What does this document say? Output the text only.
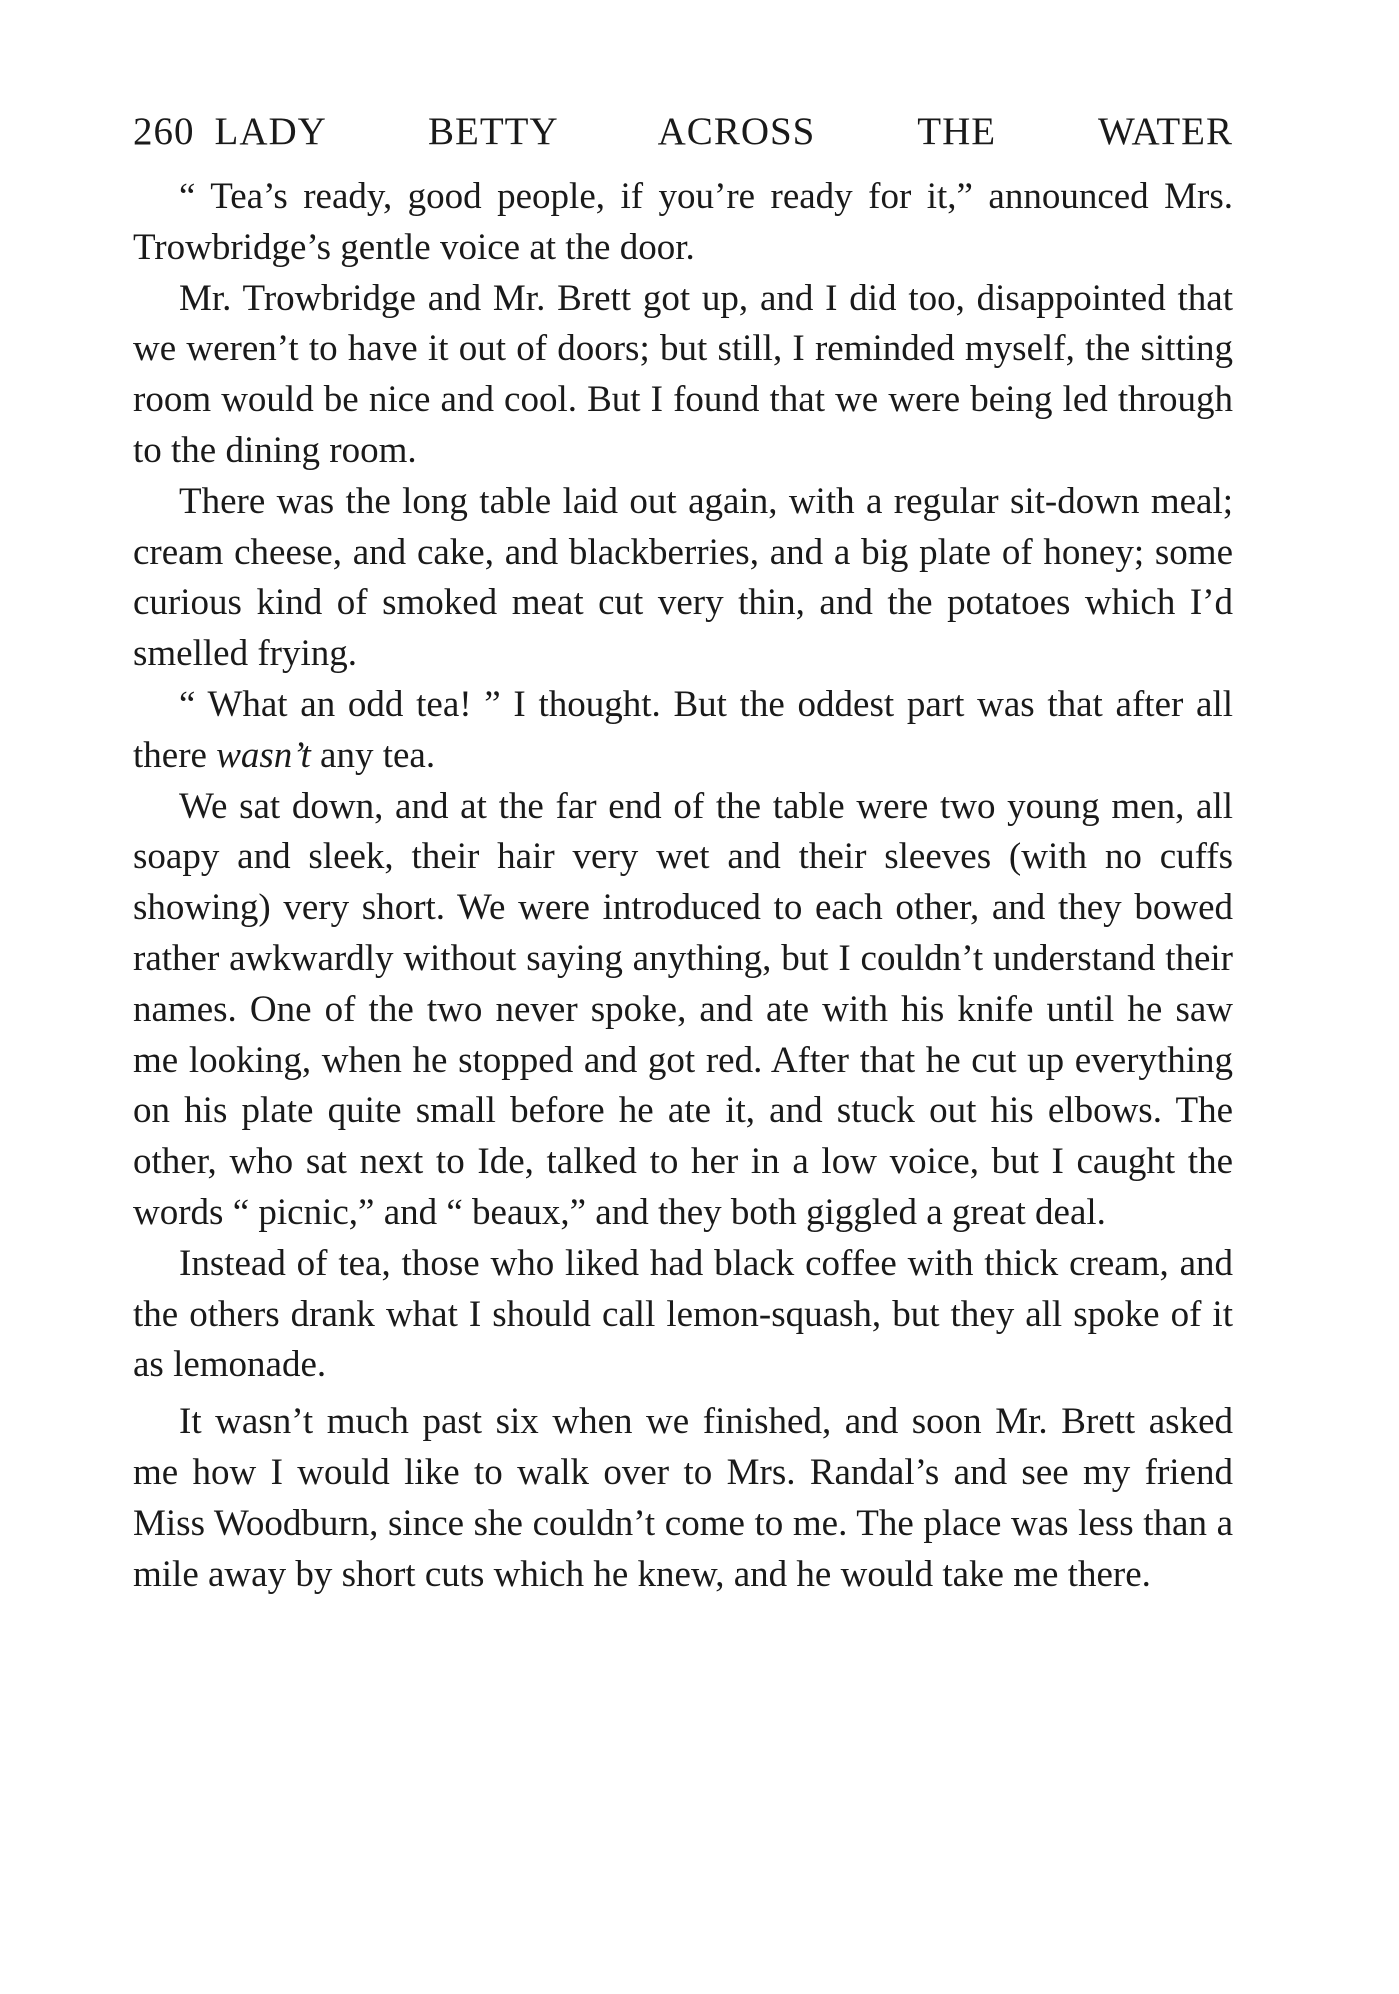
260 LADY BETTY ACROSS THE WATER

“ Tea’s ready, good people, if you’re ready for it,” announced Mrs. Trowbridge’s gentle voice at the door.

Mr. Trowbridge and Mr. Brett got up, and I did too, disappointed that we weren’t to have it out of doors; but still, I reminded myself, the sitting room would be nice and cool. But I found that we were being led through to the dining room.

There was the long table laid out again, with a regular sit-down meal; cream cheese, and cake, and blackberries, and a big plate of honey; some curious kind of smoked meat cut very thin, and the potatoes which I’d smelled frying.

“ What an odd tea! ” I thought. But the oddest part was that after all there wasn’t any tea.

We sat down, and at the far end of the table were two young men, all soapy and sleek, their hair very wet and their sleeves (with no cuffs showing) very short. We were introduced to each other, and they bowed rather awkwardly without saying anything, but I couldn’t understand their names. One of the two never spoke, and ate with his knife until he saw me looking, when he stopped and got red. After that he cut up everything on his plate quite small before he ate it, and stuck out his elbows. The other, who sat next to Ide, talked to her in a low voice, but I caught the words “ picnic,” and “ beaux,” and they both giggled a great deal.

Instead of tea, those who liked had black coffee with thick cream, and the others drank what I should call lemon-squash, but they all spoke of it as lemonade.

It wasn’t much past six when we finished, and soon Mr. Brett asked me how I would like to walk over to Mrs. Randal’s and see my friend Miss Woodburn, since she couldn’t come to me. The place was less than a mile away by short cuts which he knew, and he would take me there.
